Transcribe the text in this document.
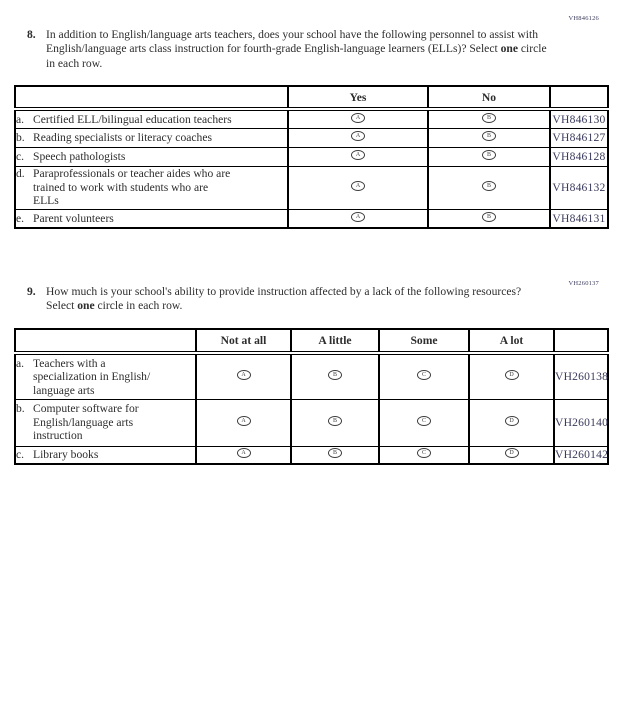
VH846126
VH260137
8. In addition to English/language arts teachers, does your school have the following personnel to assist with English/language arts class instruction for fourth-grade English-language learners (ELLs)? Select one circle in each row.
	Yes	No	

a. Certified ELL/bilingual education teachers	A	B	VH846130

b. Reading specialists or literacy coaches	A	B	VH846127

c. Speech pathologists	A	B	VH846128

d. Paraprofessionals or teacher aides who are
trained to work with students who are
ELLs	A	B	VH846132

e. Parent volunteers	A	B	VH846131
9. How much is your school's ability to provide instruction affected by a lack of the following resources? Select one circle in each row.
	Not at all	A little	Some	A lot	

a. Teachers with a
specialization in English/
language arts	A	B	C	D	VH260138

b. Computer software for
English/language arts
instruction	A	B	C	D	VH260140

c. Library books	A	B	C	D	VH260142
